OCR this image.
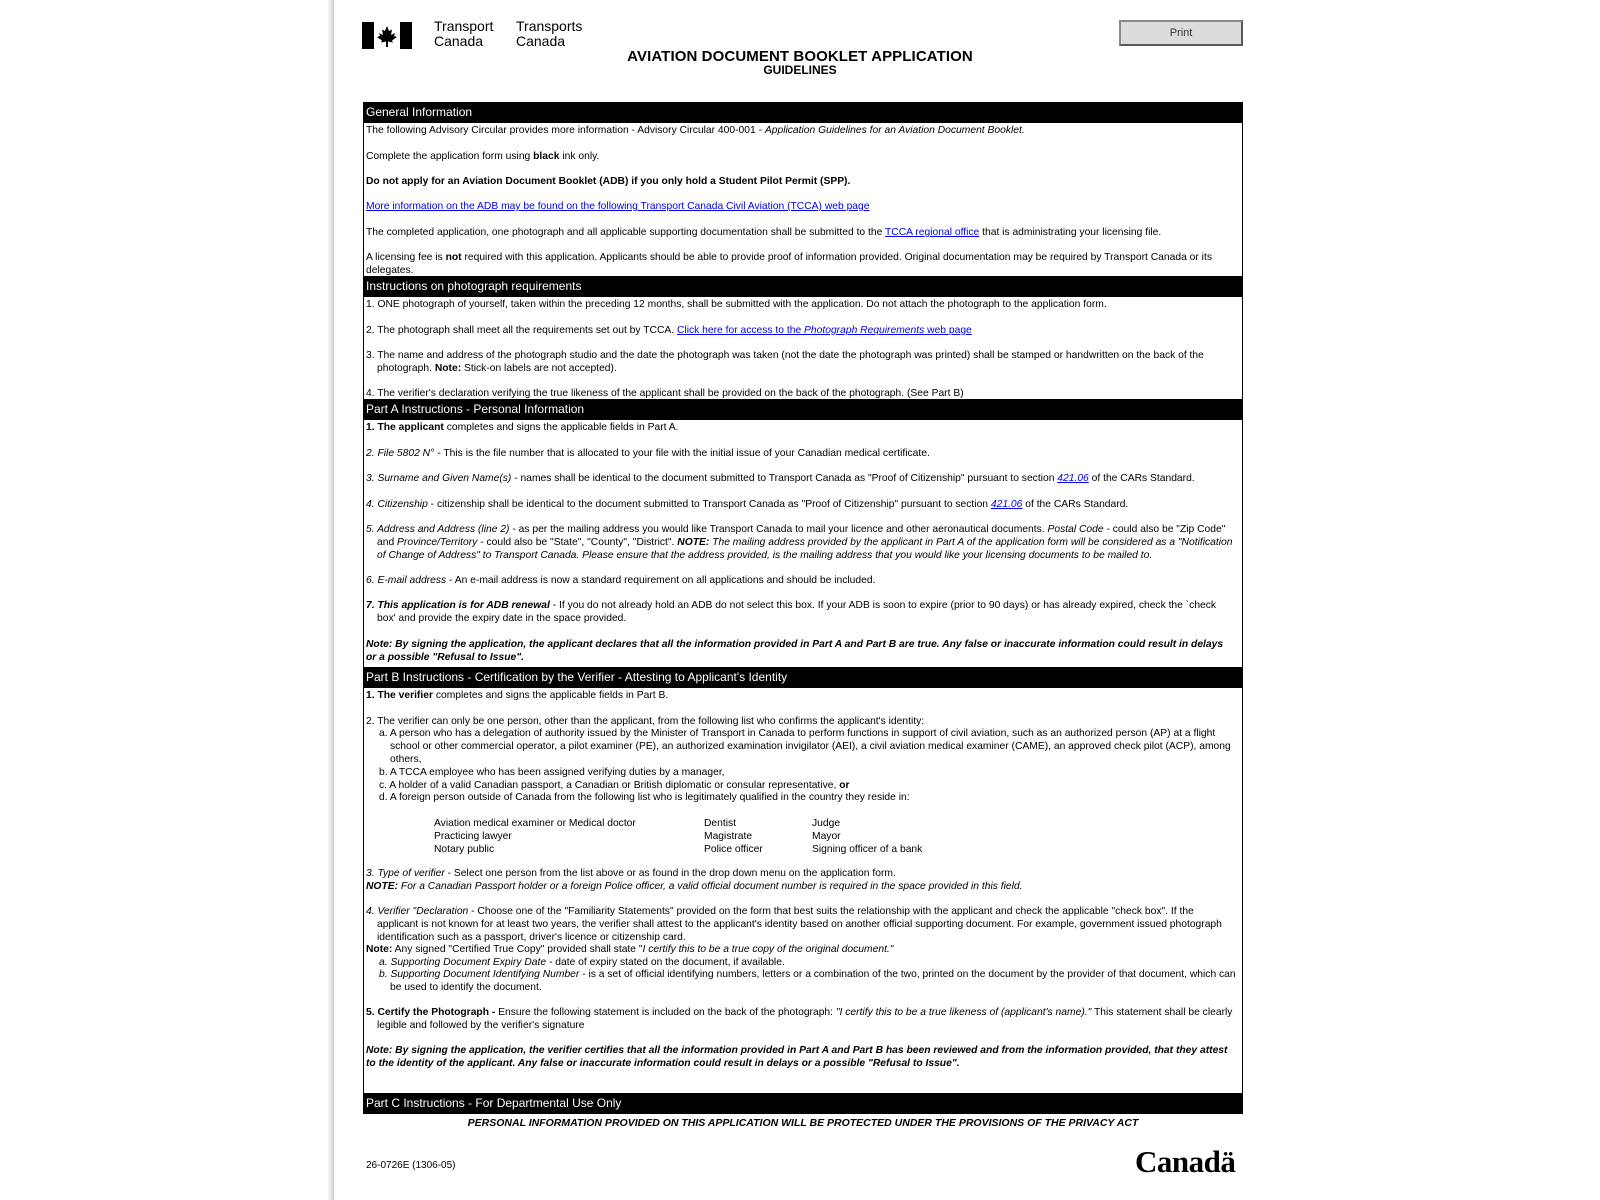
Transport
Canada
Transports
Canada
AVIATION DOCUMENT BOOKLET APPLICATION
GUIDELINES
Print
General Information
The following Advisory Circular provides more information - Advisory Circular 400-001 - Application Guidelines for an Aviation Document Booklet.
Complete the application form using black ink only.
Do not apply for an Aviation Document Booklet (ADB) if you only hold a Student Pilot Permit (SPP).
More information on the ADB may be found on the following Transport Canada Civil Aviation (TCCA) web page
The completed application, one photograph and all applicable supporting documentation shall be submitted to the TCCA regional office that is administrating your licensing file.
A licensing fee is not required with this application. Applicants should be able to provide proof of information provided. Original documentation may be required by Transport Canada or its delegates.
Instructions on photograph requirements
1. ONE photograph of yourself, taken within the preceding 12 months, shall be submitted with the application. Do not attach the photograph to the application form.
2. The photograph shall meet all the requirements set out by TCCA. Click here for access to the Photograph Requirements web page
3. The name and address of the photograph studio and the date the photograph was taken (not the date the photograph was printed) shall be stamped or handwritten on the back of the photograph. Note: Stick-on labels are not accepted).
4. The verifier's declaration verifying the true likeness of the applicant shall be provided on the back of the photograph. (See Part B)
Part A Instructions - Personal Information
1. The applicant completes and signs the applicable fields in Part A.
2. File 5802 N° - This is the file number that is allocated to your file with the initial issue of your Canadian medical certificate.
3. Surname and Given Name(s) - names shall be identical to the document submitted to Transport Canada as "Proof of Citizenship" pursuant to section 421.06 of the CARs Standard.
4. Citizenship - citizenship shall be identical to the document submitted to Transport Canada as "Proof of Citizenship" pursuant to section 421.06 of the CARs Standard.
5. Address and Address (line 2) - as per the mailing address you would like Transport Canada to mail your licence and other aeronautical documents. Postal Code - could also be "Zip Code" and Province/Territory - could also be "State", "County", "District". NOTE: The mailing address provided by the applicant in Part A of the application form will be considered as a "Notification of Change of Address" to Transport Canada. Please ensure that the address provided, is the mailing address that you would like your licensing documents to be mailed to.
6. E-mail address - An e-mail address is now a standard requirement on all applications and should be included.
7. This application is for ADB renewal - If you do not already hold an ADB do not select this box. If your ADB is soon to expire (prior to 90 days) or has already expired, check the `check box' and provide the expiry date in the space provided.
Note: By signing the application, the applicant declares that all the information provided in Part A and Part B are true. Any false or inaccurate information could result in delays or a possible "Refusal to Issue".
Part B Instructions - Certification by the Verifier - Attesting to Applicant's Identity
1. The verifier completes and signs the applicable fields in Part B.
2. The verifier can only be one person, other than the applicant, from the following list who confirms the applicant's identity:
a. A person who has a delegation of authority issued by the Minister of Transport in Canada to perform functions in support of civil aviation, such as an authorized person (AP) at a flight school or other commercial operator, a pilot examiner (PE), an authorized examination invigilator (AEI), a civil aviation medical examiner (CAME), an approved check pilot (ACP), among others,
b. A TCCA employee who has been assigned verifying duties by a manager,
c. A holder of a valid Canadian passport, a Canadian or British diplomatic or consular representative, or
d. A foreign person outside of Canada from the following list who is legitimately qualified in the country they reside in:
Aviation medical examiner or Medical doctor
Practicing lawyer
Notary public
Dentist
Magistrate
Police officer
Judge
Mayor
Signing officer of a bank
3. Type of verifier - Select one person from the list above or as found in the drop down menu on the application form.
NOTE: For a Canadian Passport holder or a foreign Police officer, a valid official document number is required in the space provided in this field.
4. Verifier "Declaration - Choose one of the "Familiarity Statements" provided on the form that best suits the relationship with the applicant and check the applicable "check box". If the applicant is not known for at least two years, the verifier shall attest to the applicant's identity based on another official supporting document. For example, government issued photograph identification such as a passport, driver's licence or citizenship card.
Note: Any signed "Certified True Copy" provided shall state "I certify this to be a true copy of the original document."
a. Supporting Document Expiry Date - date of expiry stated on the document, if available.
b. Supporting Document Identifying Number - is a set of official identifying numbers, letters or a combination of the two, printed on the document by the provider of that document, which can be used to identify the document.
5. Certify the Photograph - Ensure the following statement is included on the back of the photograph: "I certify this to be a true likeness of (applicant's name)." This statement shall be clearly legible and followed by the verifier's signature
Note: By signing the application, the verifier certifies that all the information provided in Part A and Part B has been reviewed and from the information provided, that they attest to the identity of the applicant. Any false or inaccurate information could result in delays or a possible "Refusal to Issue".
Part C Instructions - For Departmental Use Only
PERSONAL INFORMATION PROVIDED ON THIS APPLICATION WILL BE PROTECTED UNDER THE PROVISIONS OF THE PRIVACY ACT
26-0726E (1306-05)	Canadä
